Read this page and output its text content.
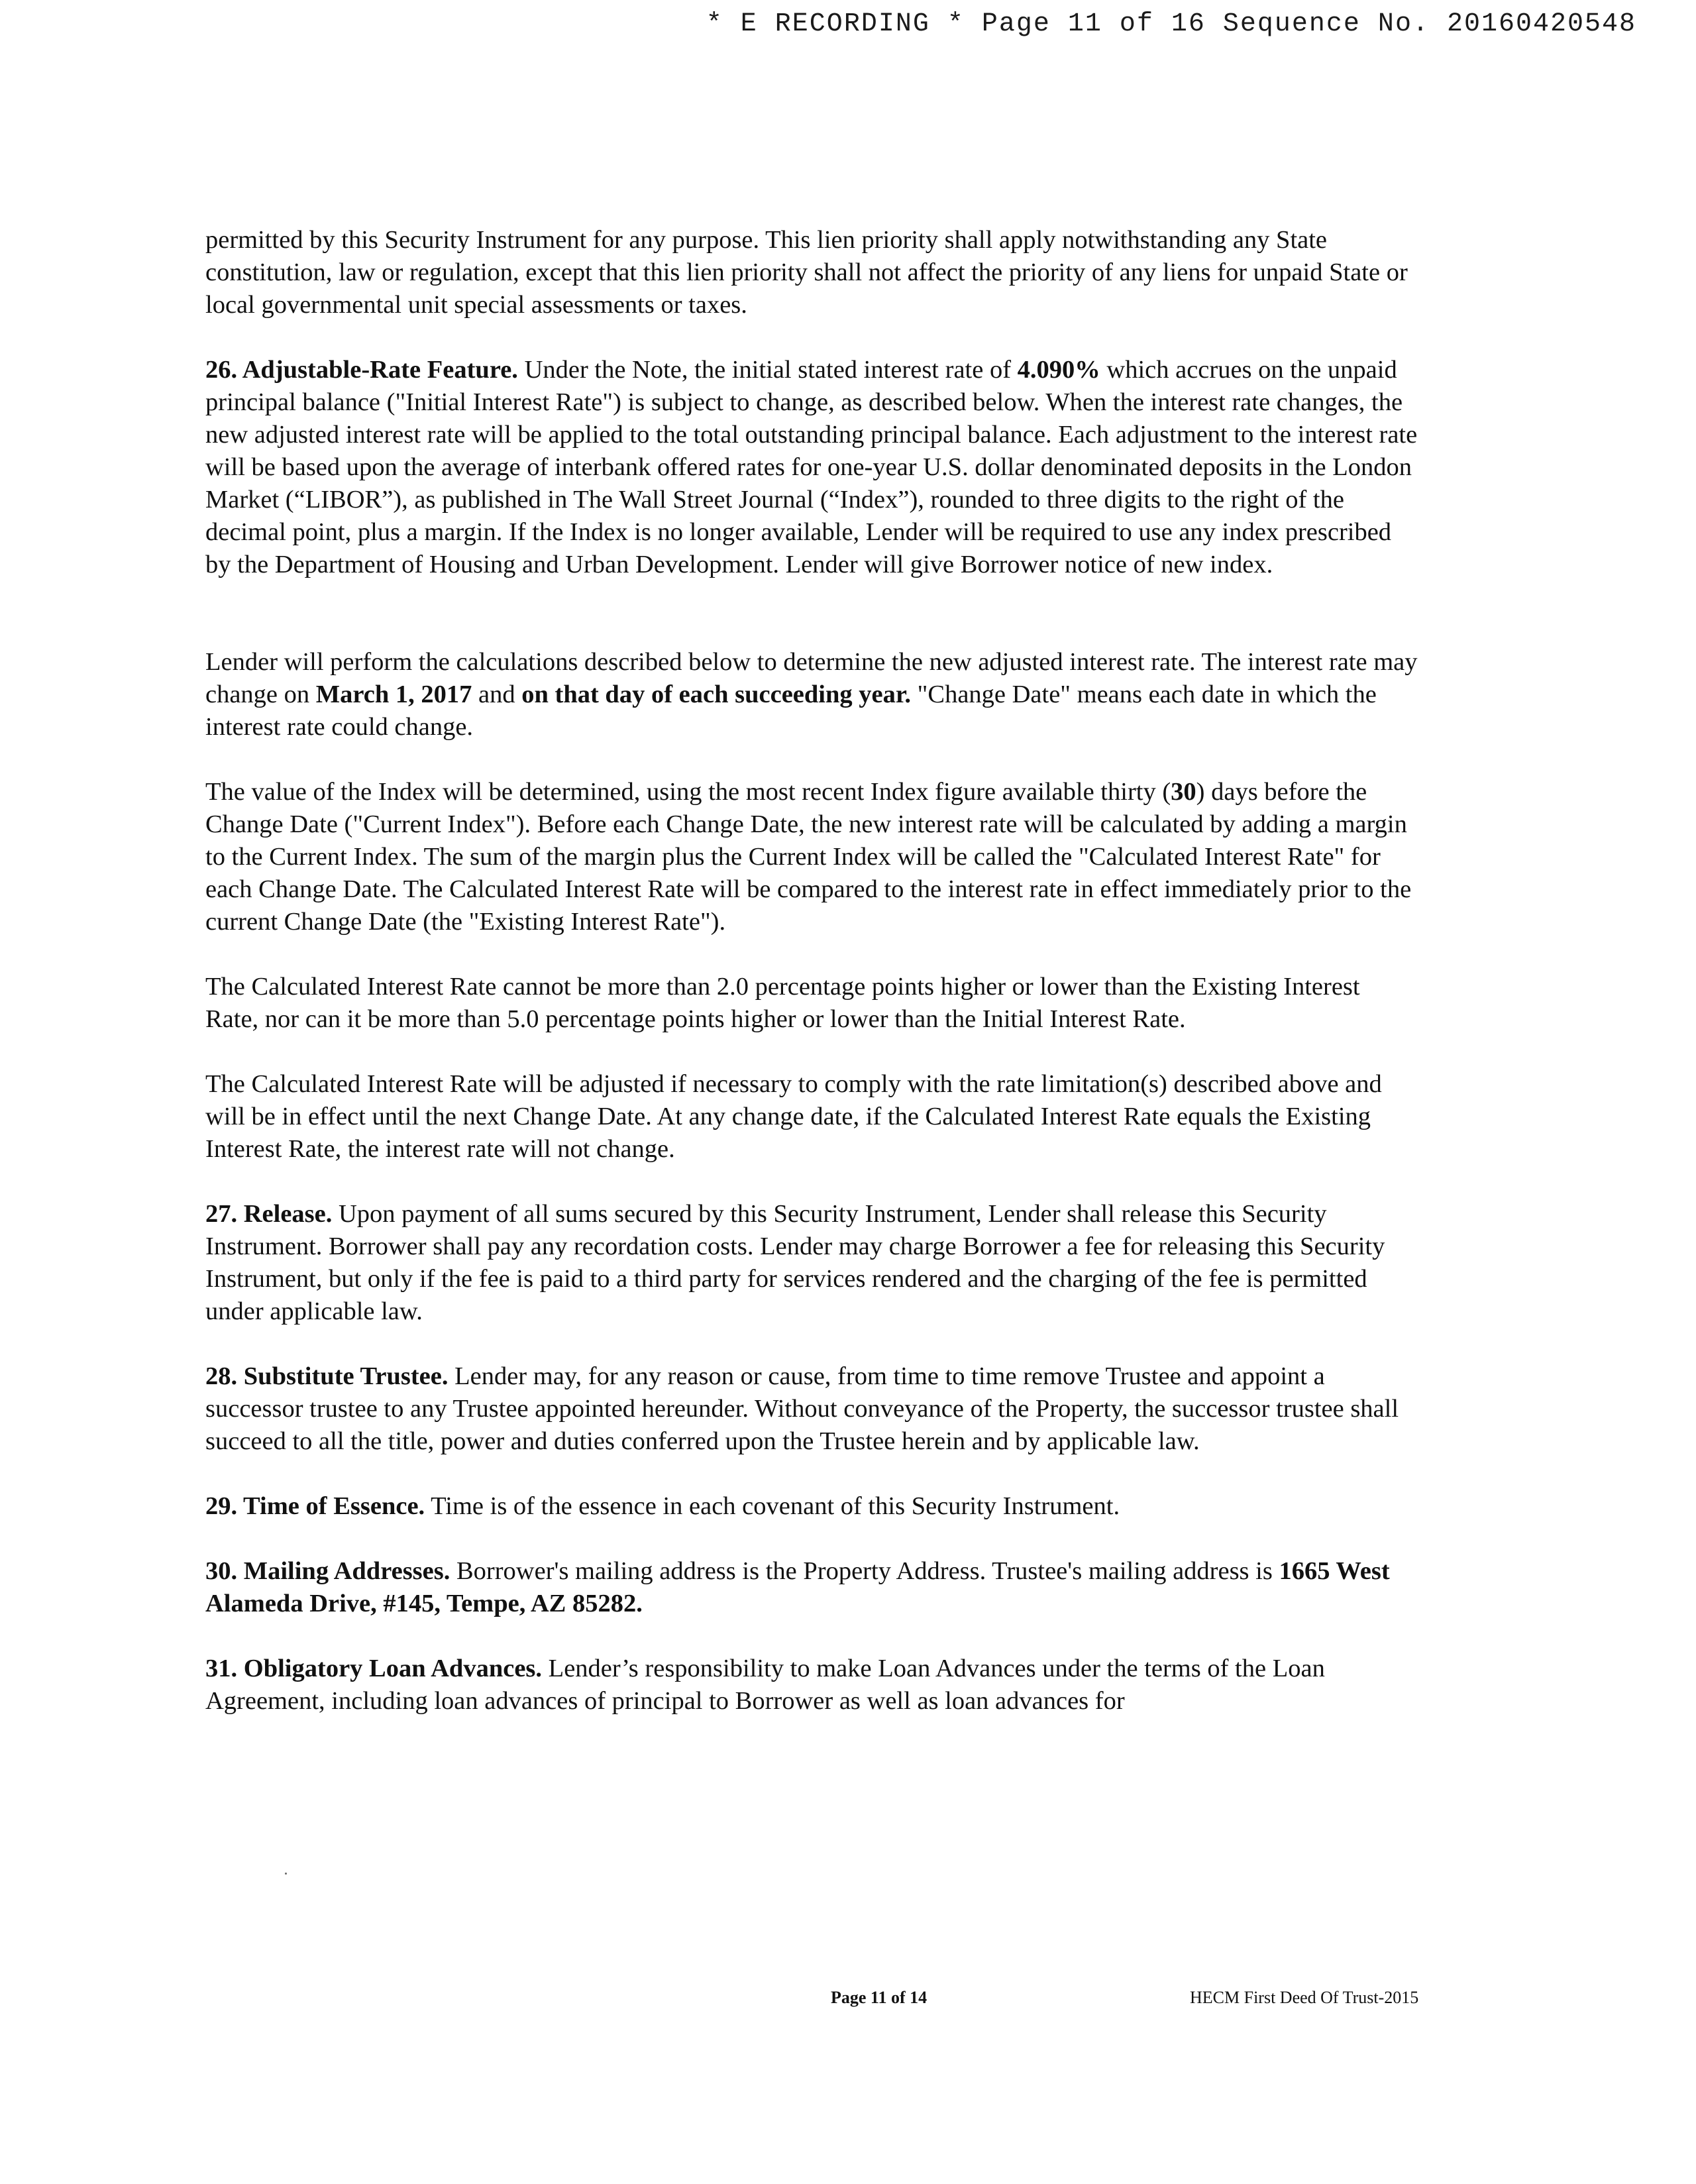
* E RECORDING * Page 11 of 16 Sequence No. 20160420548

permitted by this Security Instrument for any purpose. This lien priority shall apply notwithstanding any State constitution, law or regulation, except that this lien priority shall not affect the priority of any liens for unpaid State or local governmental unit special assessments or taxes.

26. Adjustable-Rate Feature. Under the Note, the initial stated interest rate of 4.090% which accrues on the unpaid principal balance ("Initial Interest Rate") is subject to change, as described below. When the interest rate changes, the new adjusted interest rate will be applied to the total outstanding principal balance. Each adjustment to the interest rate will be based upon the average of interbank offered rates for one-year U.S. dollar denominated deposits in the London Market (“LIBOR”), as published in The Wall Street Journal (“Index”), rounded to three digits to the right of the decimal point, plus a margin. If the Index is no longer available, Lender will be required to use any index prescribed by the Department of Housing and Urban Development. Lender will give Borrower notice of new index.

Lender will perform the calculations described below to determine the new adjusted interest rate. The interest rate may change on March 1, 2017 and on that day of each succeeding year. "Change Date" means each date in which the interest rate could change.

The value of the Index will be determined, using the most recent Index figure available thirty (30) days before the Change Date ("Current Index"). Before each Change Date, the new interest rate will be calculated by adding a margin to the Current Index. The sum of the margin plus the Current Index will be called the "Calculated Interest Rate" for each Change Date. The Calculated Interest Rate will be compared to the interest rate in effect immediately prior to the current Change Date (the "Existing Interest Rate").

The Calculated Interest Rate cannot be more than 2.0 percentage points higher or lower than the Existing Interest Rate, nor can it be more than 5.0 percentage points higher or lower than the Initial Interest Rate.

The Calculated Interest Rate will be adjusted if necessary to comply with the rate limitation(s) described above and will be in effect until the next Change Date. At any change date, if the Calculated Interest Rate equals the Existing Interest Rate, the interest rate will not change.

27. Release. Upon payment of all sums secured by this Security Instrument, Lender shall release this Security Instrument. Borrower shall pay any recordation costs. Lender may charge Borrower a fee for releasing this Security Instrument, but only if the fee is paid to a third party for services rendered and the charging of the fee is permitted under applicable law.

28. Substitute Trustee. Lender may, for any reason or cause, from time to time remove Trustee and appoint a successor trustee to any Trustee appointed hereunder. Without conveyance of the Property, the successor trustee shall succeed to all the title, power and duties conferred upon the Trustee herein and by applicable law.

29. Time of Essence. Time is of the essence in each covenant of this Security Instrument.

30. Mailing Addresses. Borrower's mailing address is the Property Address. Trustee's mailing address is 1665 West Alameda Drive, #145, Tempe, AZ 85282.

31. Obligatory Loan Advances. Lender’s responsibility to make Loan Advances under the terms of the Loan Agreement, including loan advances of principal to Borrower as well as loan advances for

Page 11 of 14	HECM First Deed Of Trust-2015
